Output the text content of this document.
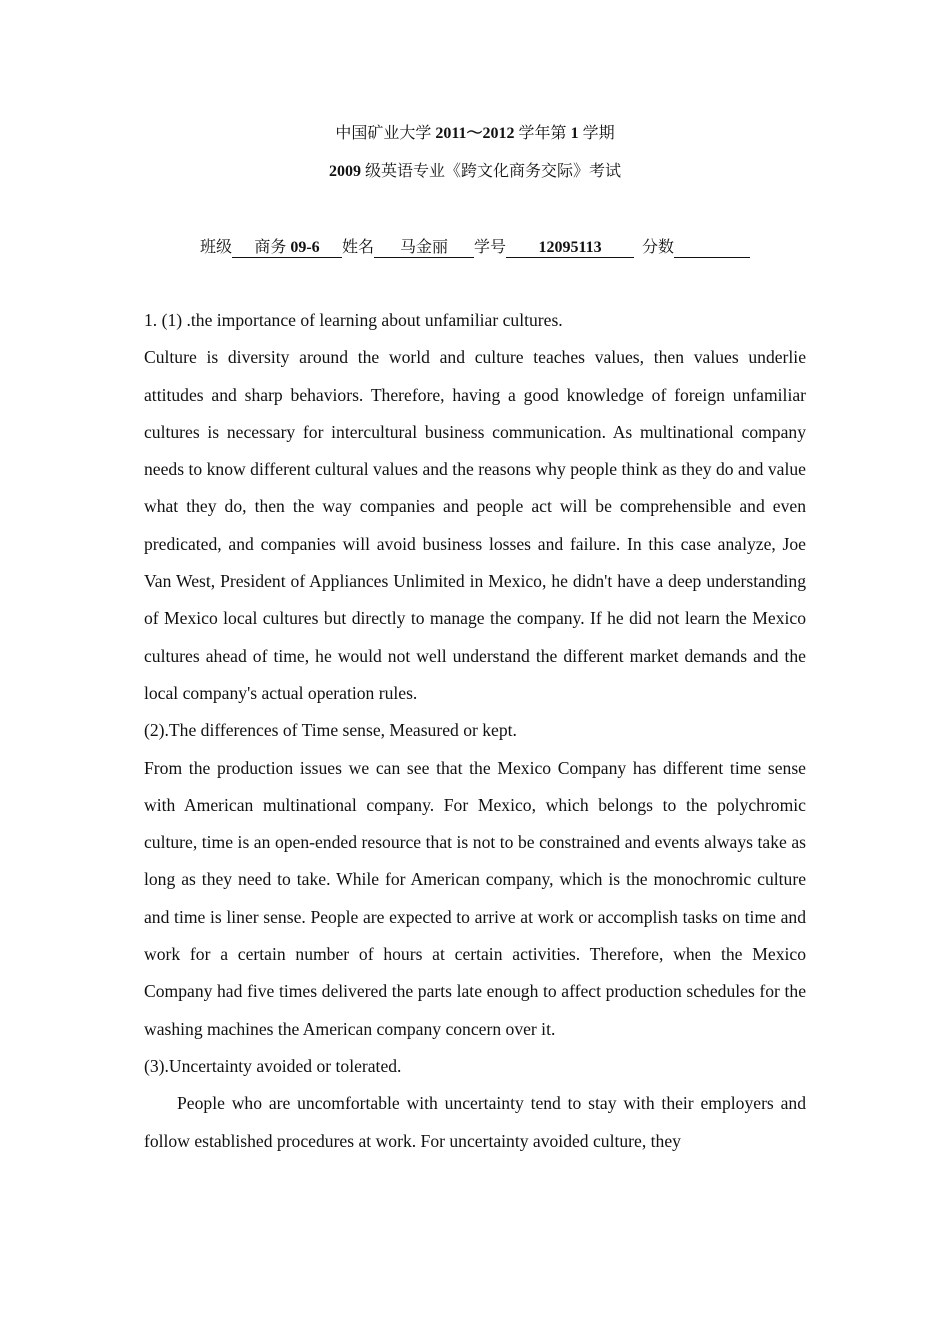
中国矿业大学 2011～2012 学年第 1 学期
2009 级英语专业《跨文化商务交际》考试
班级 商务 09-6 姓名 马金丽 学号 12095113	分数

1. (1) .the importance of learning about unfamiliar cultures.

Culture is diversity around the world and culture teaches values, then values underlie attitudes and sharp behaviors. Therefore, having a good knowledge of foreign unfamiliar cultures is necessary for intercultural business communication. As multinational company needs to know different cultural values and the reasons why people think as they do and value what they do, then the way companies and people act will be comprehensible and even predicated, and companies will avoid business losses and failure. In this case analyze, Joe Van West, President of Appliances Unlimited in Mexico, he didn't have a deep understanding of Mexico local cultures but directly to manage the company. If he did not learn the Mexico cultures ahead of time, he would not well understand the different market demands and the local company's actual operation rules.

(2).The differences of Time sense, Measured or kept.

From the production issues we can see that the Mexico Company has different time sense with American multinational company. For Mexico, which belongs to the polychromic culture, time is an open-ended resource that is not to be constrained and events always take as long as they need to take. While for American company, which is the monochromic culture and time is liner sense. People are expected to arrive at work or accomplish tasks on time and work for a certain number of hours at certain activities. Therefore, when the Mexico Company had five times delivered the parts late enough to affect production schedules for the washing machines the American company concern over it.

(3).Uncertainty avoided or tolerated.

People who are uncomfortable with uncertainty tend to stay with their employers and follow established procedures at work. For uncertainty avoided culture, they
